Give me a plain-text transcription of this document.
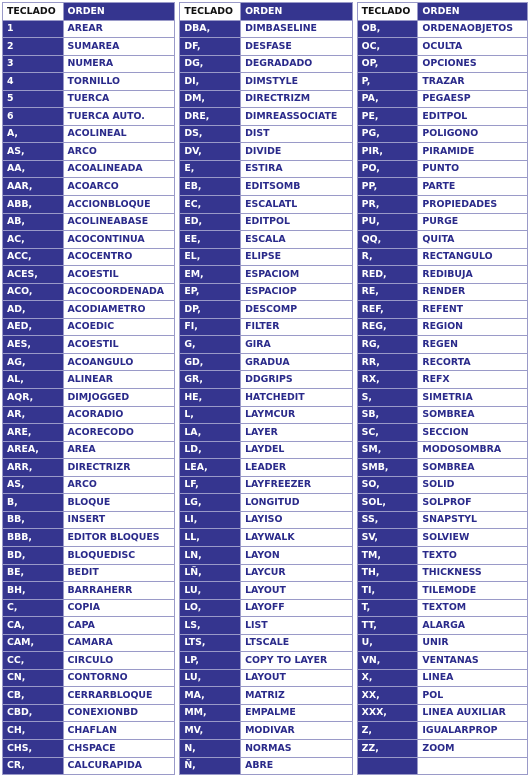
TECLADO	ORDEN
1	AREAR
2	SUMAREA
3	NUMERA
4	TORNILLO
5	TUERCA
6	TUERCA AUTO.
A,	ACOLINEAL
AS,	ARCO
AA,	ACOALINEADA
AAR,	ACOARCO
ABB,	ACCIONBLOQUE
AB,	ACOLINEABASE
AC,	ACOCONTINUA
ACC,	ACOCENTRO
ACES,	ACOESTIL
ACO,	ACOCOORDENADA
AD,	ACODIAMETRO
AED,	ACOEDIC
AES,	ACOESTIL
AG,	ACOANGULO
AL,	ALINEAR
AQR,	DIMJOGGED
AR,	ACORADIO
ARE,	ACORECODO
AREA,	AREA
ARR,	DIRECTRIZR
AS,	ARCO
B,	BLOQUE
BB,	INSERT
BBB,	EDITOR BLOQUES
BD,	BLOQUEDISC
BE,	BEDIT
BH,	BARRAHERR
C,	COPIA
CA,	CAPA
CAM,	CAMARA
CC,	CIRCULO
CN,	CONTORNO
CB,	CERRARBLOQUE
CBD,	CONEXIONBD
CH,	CHAFLAN
CHS,	CHSPACE
CR,	CALCURAPIDA
TECLADO	ORDEN
DBA,	DIMBASELINE
DF,	DESFASE
DG,	DEGRADADO
DI,	DIMSTYLE
DM,	DIRECTRIZM
DRE,	DIMREASSOCIATE
DS,	DIST
DV,	DIVIDE
E,	ESTIRA
EB,	EDITSOMB
EC,	ESCALATL
ED,	EDITPOL
EE,	ESCALA
EL,	ELIPSE
EM,	ESPACIOM
EP,	ESPACIOP
DP,	DESCOMP
FI,	FILTER
G,	GIRA
GD,	GRADUA
GR,	DDGRIPS
HE,	HATCHEDIT
L,	LAYMCUR
LA,	LAYER
LD,	LAYDEL
LEA,	LEADER
LF,	LAYFREEZER
LG,	LONGITUD
LI,	LAYISO
LL,	LAYWALK
LN,	LAYON
LÑ,	LAYCUR
LU,	LAYOUT
LO,	LAYOFF
LS,	LIST
LTS,	LTSCALE
LP,	COPY TO LAYER
LU,	LAYOUT
MA,	MATRIZ
MM,	EMPALME
MV,	MODIVAR
N,	NORMAS
Ñ,	ABRE
TECLADO	ORDEN
OB,	ORDENAOBJETOS
OC,	OCULTA
OP,	OPCIONES
P,	TRAZAR
PA,	PEGAESP
PE,	EDITPOL
PG,	POLIGONO
PIR,	PIRAMIDE
PO,	PUNTO
PP,	PARTE
PR,	PROPIEDADES
PU,	PURGE
QQ,	QUITA
R,	RECTANGULO
RED,	REDIBUJA
RE,	RENDER
REF,	REFENT
REG,	REGION
RG,	REGEN
RR,	RECORTA
RX,	REFX
S,	SIMETRIA
SB,	SOMBREA
SC,	SECCION
SM,	MODOSOMBRA
SMB,	SOMBREA
SO,	SOLID
SOL,	SOLPROF
SS,	SNAPSTYL
SV,	SOLVIEW
TM,	TEXTO
TH,	THICKNESS
TI,	TILEMODE
T,	TEXTOM
TT,	ALARGA
U,	UNIR
VN,	VENTANAS
X,	LINEA
XX,	POL
XXX,	LINEA AUXILIAR
Z,	IGUALARPROP
ZZ,	ZOOM
